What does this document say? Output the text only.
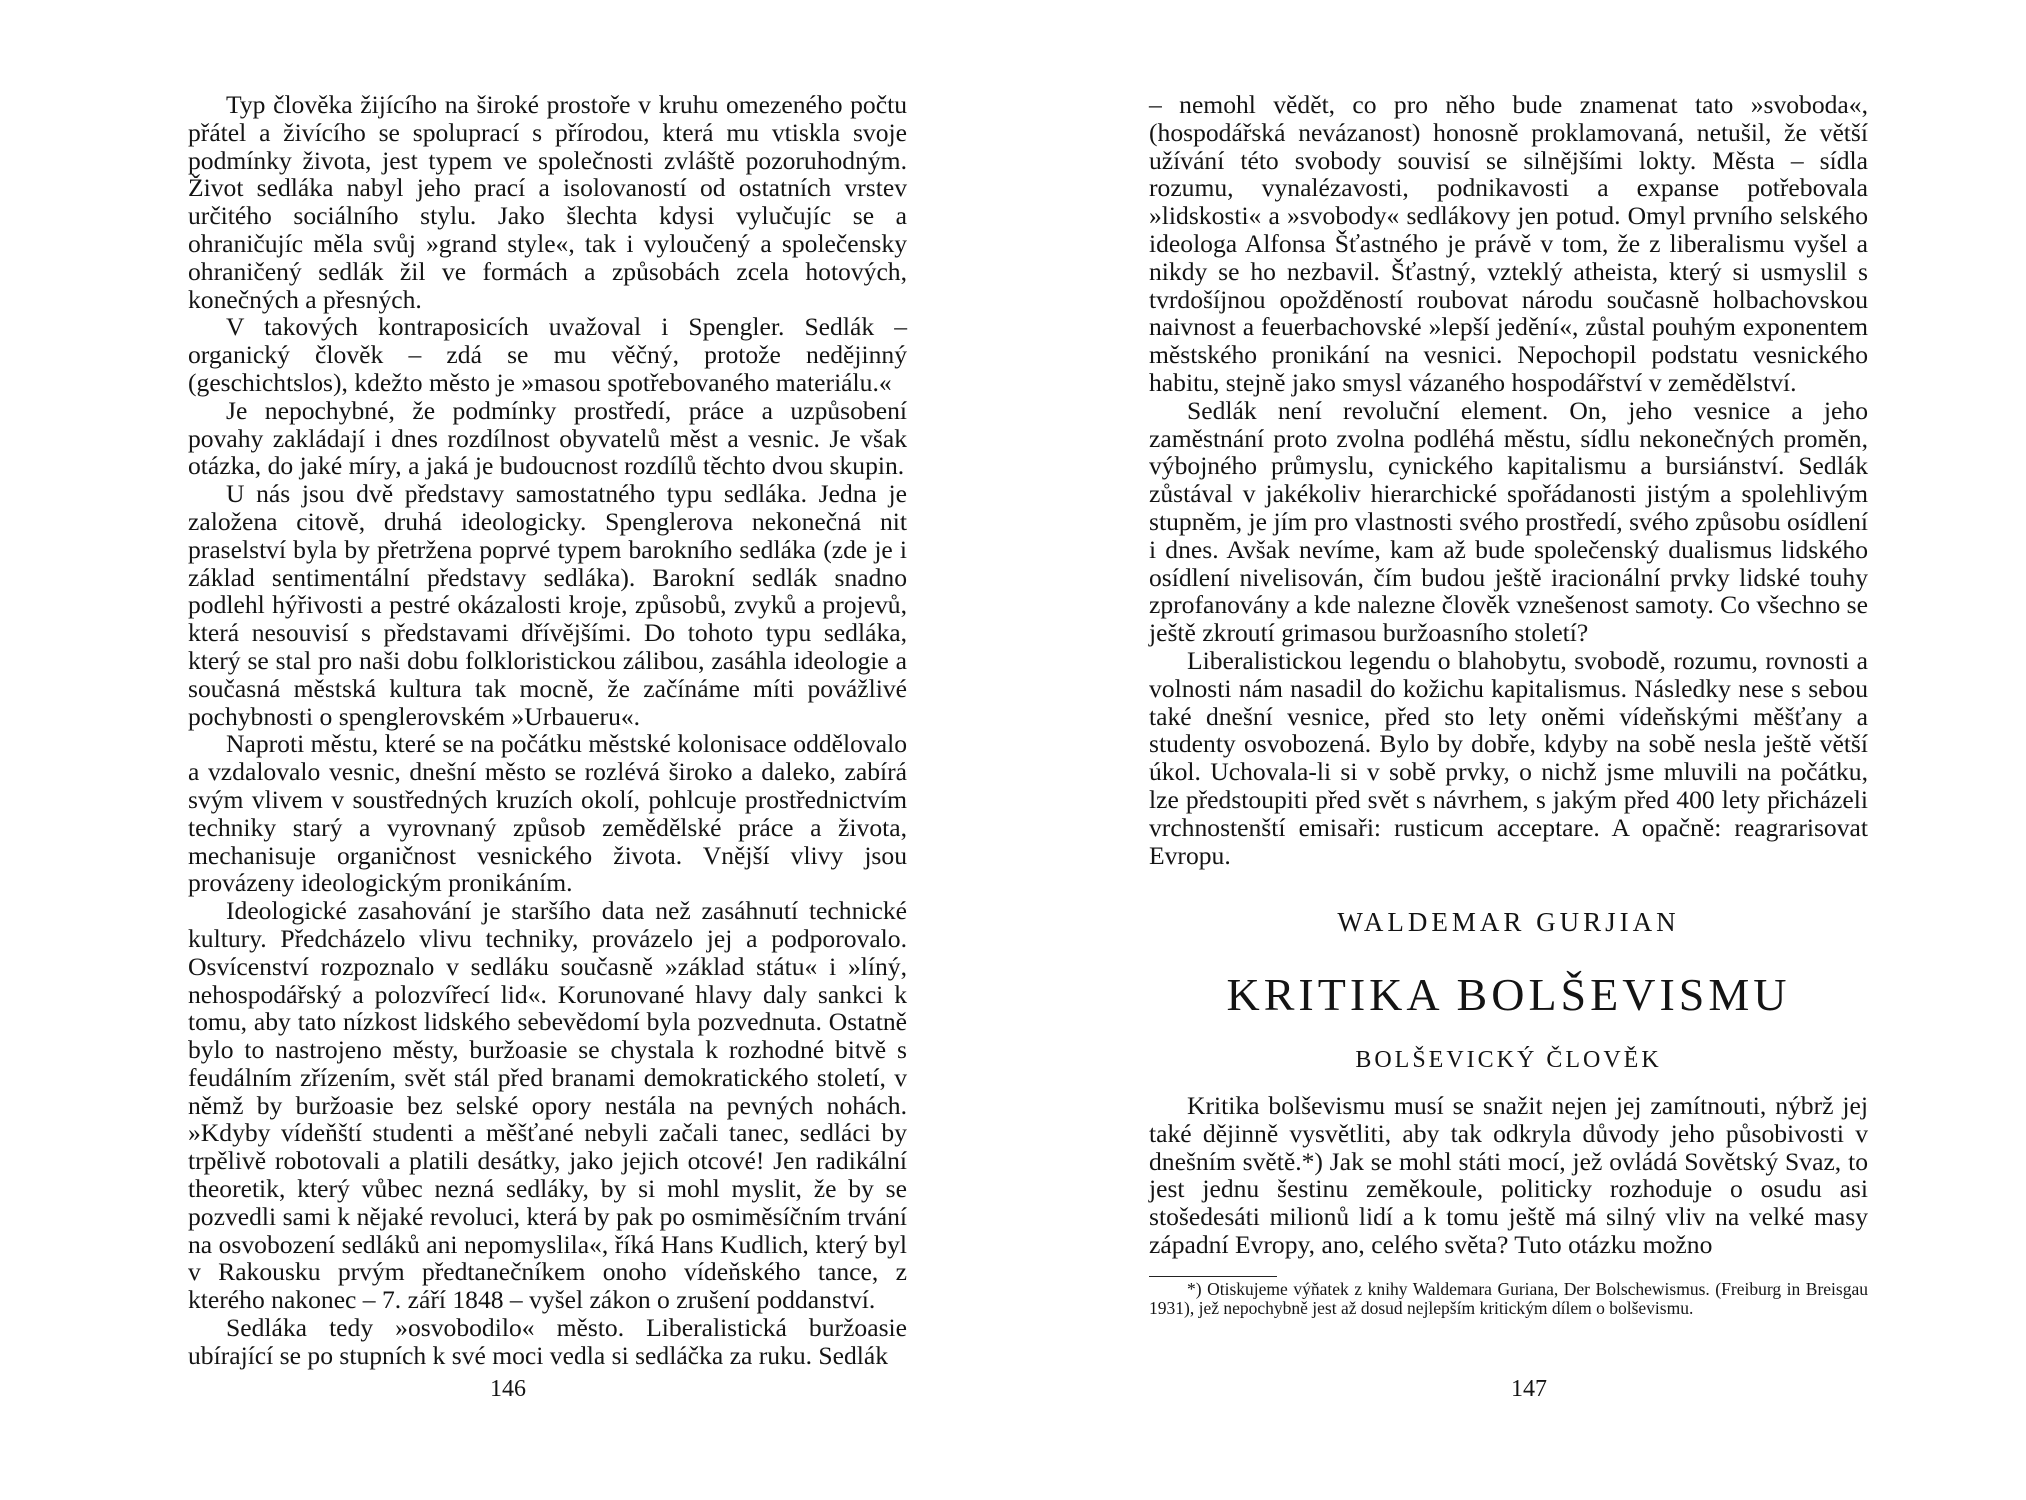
Typ člověka žijícího na široké prostoře v kruhu omezeného počtu přátel a živícího se spoluprací s přírodou, která mu vtiskla svoje podmínky života, jest typem ve společnosti zvláště pozoruhodným. Život sedláka nabyl jeho prací a isolovaností od ostatních vrstev určitého sociálního stylu. Jako šlechta kdysi vylučujíc se a ohraničujíc měla svůj »grand style«, tak i vyloučený a společensky ohraničený sedlák žil ve formách a způsobách zcela hotových, konečných a přesných.

V takových kontraposicích uvažoval i Spengler. Sedlák – organický člověk – zdá se mu věčný, protože nedějinný (geschichtslos), kdežto město je »masou spotřebovaného materiálu.«

Je nepochybné, že podmínky prostředí, práce a uzpůsobení povahy zakládají i dnes rozdílnost obyvatelů měst a vesnic. Je však otázka, do jaké míry, a jaká je budoucnost rozdílů těchto dvou skupin.

U nás jsou dvě představy samostatného typu sedláka. Jedna je založena citově, druhá ideologicky. Spenglerova nekonečná nit praselství byla by přetržena poprvé typem barokního sedláka (zde je i základ sentimentální představy sedláka). Barokní sedlák snadno podlehl hýřivosti a pestré okázalosti kroje, způsobů, zvyků a projevů, která nesouvisí s představami dřívějšími. Do tohoto typu sedláka, který se stal pro naši dobu folkloristickou zálibou, zasáhla ideologie a současná městská kultura tak mocně, že začínáme míti povážlivé pochybnosti o spenglerovském »Urbaueru«.

Naproti městu, které se na počátku městské kolonisace oddělovalo a vzdalovalo vesnic, dnešní město se rozlévá široko a daleko, zabírá svým vlivem v soustředných kruzích okolí, pohlcuje prostřednictvím techniky starý a vyrovnaný způsob zemědělské práce a života, mechanisuje organičnost vesnického života. Vnější vlivy jsou provázeny ideologickým pronikáním.

Ideologické zasahování je staršího data než zasáhnutí technické kultury. Předcházelo vlivu techniky, provázelo jej a podporovalo. Osvícenství rozpoznalo v sedláku současně »základ státu« i »líný, nehospodářský a polozvířecí lid«. Korunované hlavy daly sankci k tomu, aby tato nízkost lidského sebevědomí byla pozvednuta. Ostatně bylo to nastrojeno městy, buržoasie se chystala k rozhodné bitvě s feudálním zřízením, svět stál před branami demokratického století, v němž by buržoasie bez selské opory nestála na pevných nohách. »Kdyby vídeňští studenti a měšťané nebyli začali tanec, sedláci by trpělivě robotovali a platili desátky, jako jejich otcové! Jen radikální theoretik, který vůbec nezná sedláky, by si mohl myslit, že by se pozvedli sami k nějaké revoluci, která by pak po osmiměsíčním trvání na osvobození sedláků ani nepomyslila«, říká Hans Kudlich, který byl v Rakousku prvým předtanečníkem onoho vídeňského tance, z kterého nakonec – 7. září 1848 – vyšel zákon o zrušení poddanství.

Sedláka tedy »osvobodilo« město. Liberalistická buržoasie ubírající se po stupních k své moci vedla si sedláčka za ruku. Sedlák

146

– nemohl vědět, co pro něho bude znamenat tato »svoboda«, (hospodářská nevázanost) honosně proklamovaná, netušil, že větší užívání této svobody souvisí se silnějšími lokty. Města – sídla rozumu, vynalézavosti, podnikavosti a expanse potřebovala »lidskosti« a »svobody« sedlákovy jen potud. Omyl prvního selského ideologa Alfonsa Šťastného je právě v tom, že z liberalismu vyšel a nikdy se ho nezbavil. Šťastný, vzteklý atheista, který si usmyslil s tvrdošíjnou opožděností roubovat národu současně holbachovskou naivnost a feuerbachovské »lepší jedění«, zůstal pouhým exponentem městského pronikání na vesnici. Nepochopil podstatu vesnického habitu, stejně jako smysl vázaného hospodářství v zemědělství.

Sedlák není revoluční element. On, jeho vesnice a jeho zaměstnání proto zvolna podléhá městu, sídlu nekonečných proměn, výbojného průmyslu, cynického kapitalismu a bursiánství. Sedlák zůstával v jakékoliv hierarchické spořádanosti jistým a spolehlivým stupněm, je jím pro vlastnosti svého prostředí, svého způsobu osídlení i dnes. Avšak nevíme, kam až bude společenský dualismus lidského osídlení nivelisován, čím budou ještě iracionální prvky lidské touhy zprofanovány a kde nalezne člověk vznešenost samoty. Co všechno se ještě zkroutí grimasou buržoasního století?

Liberalistickou legendu o blahobytu, svobodě, rozumu, rovnosti a volnosti nám nasadil do kožichu kapitalismus. Následky nese s sebou také dnešní vesnice, před sto lety oněmi vídeňskými měšťany a studenty osvobozená. Bylo by dobře, kdyby na sobě nesla ještě větší úkol. Uchovala-li si v sobě prvky, o nichž jsme mluvili na počátku, lze předstoupiti před svět s návrhem, s jakým před 400 lety přicházeli vrchnostenští emisaři: rusticum acceptare. A opačně: reagrarisovat Evropu.

WALDEMAR GURJIAN
KRITIKA BOLŠEVISMU
BOLŠEVICKÝ ČLOVĚK

Kritika bolševismu musí se snažit nejen jej zamítnouti, nýbrž jej také dějinně vysvětliti, aby tak odkryla důvody jeho působivosti v dnešním světě.*) Jak se mohl státi mocí, jež ovládá Sovětský Svaz, to jest jednu šestinu zeměkoule, politicky rozhoduje o osudu asi stošedesáti milionů lidí a k tomu ještě má silný vliv na velké masy západní Evropy, ano, celého světa? Tuto otázku možno

*) Otiskujeme výňatek z knihy Waldemara Guriana, Der Bolschewismus. (Freiburg in Breisgau 1931), jež nepochybně jest až dosud nejlepším kritickým dílem o bolševismu.

147
